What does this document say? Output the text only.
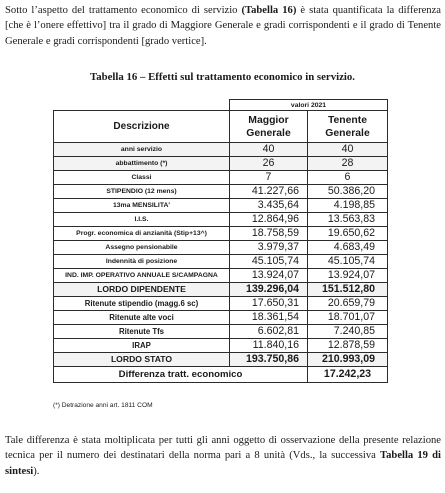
Sotto l’aspetto del trattamento economico di servizio (Tabella 16) è stata quantificata la differenza [che è l’onere effettivo] tra il grado di Maggiore Generale e gradi corrispondenti e il grado di Tenente Generale e gradi corrispondenti [grado vertice].

Tabella 16 – Effetti sul trattamento economico in servizio.
	valori 2021	
Descrizione	Maggior Generale	Tenente Generale
anni servizio	40	40
abbattimento (*)	26	28
Classi	7	6
STIPENDIO (12 mens)	41.227,66	50.386,20
13ma MENSILITA'	3.435,64	4.198,85
I.I.S.	12.864,96	13.563,83
Progr. economica di anzianità (Stip+13^)	18.758,59	19.650,62
Assegno pensionabile	3.979,37	4.683,49
Indennità di posizione	45.105,74	45.105,74
IND. IMP. OPERATIVO ANNUALE S/CAMPAGNA	13.924,07	13.924,07
LORDO DIPENDENTE	139.296,04	151.512,80
Ritenute stipendio (magg.6 sc)	17.650,31	20.659,79
Ritenute alte voci	18.361,54	18.701,07
Ritenute Tfs	6.602,81	7.240,85
IRAP	11.840,16	12.878,59
LORDO STATO	193.750,86	210.993,09
Differenza tratt. economico		17.242,23
(*) Detrazione anni art. 1811 COM

Tale differenza è stata moltiplicata per tutti gli anni oggetto di osservazione della presente relazione tecnica per il numero dei destinatari della norma pari a 8 unità (Vds., la successiva Tabella 19 di sintesi).
